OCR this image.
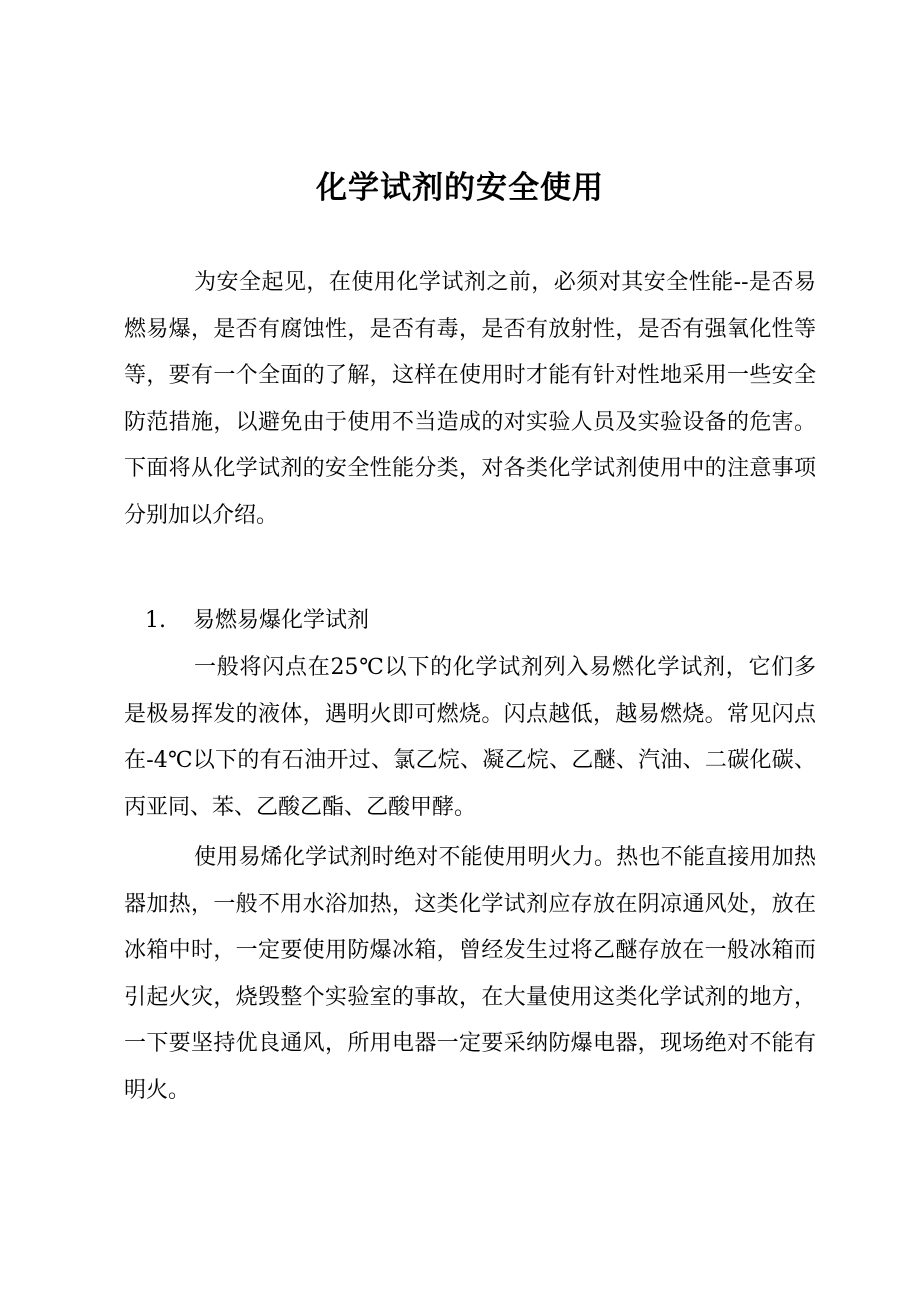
化学试剂的安全使用

为安全起见，在使用化学试剂之前，必须对其安全性能--是否易燃易爆，是否有腐蚀性，是否有毒，是否有放射性，是否有强氧化性等等，要有一个全面的了解，这样在使用时才能有针对性地采用一些安全防范措施，以避免由于使用不当造成的对实验人员及实验设备的危害。下面将从化学试剂的安全性能分类，对各类化学试剂使用中的注意事项分别加以介绍。

1. 易燃易爆化学试剂

一般将闪点在25℃以下的化学试剂列入易燃化学试剂，它们多是极易挥发的液体，遇明火即可燃烧。闪点越低，越易燃烧。常见闪点在-4℃以下的有石油开过、氯乙烷、凝乙烷、乙醚、汽油、二碳化碳、丙亚同、苯、乙酸乙酯、乙酸甲酵。

使用易烯化学试剂时绝对不能使用明火力。热也不能直接用加热器加热，一般不用水浴加热，这类化学试剂应存放在阴凉通风处，放在冰箱中时，一定要使用防爆冰箱，曾经发生过将乙醚存放在一般冰箱而引起火灾，烧毁整个实验室的事故，在大量使用这类化学试剂的地方，一下要坚持优良通风，所用电器一定要采纳防爆电器，现场绝对不能有明火。
